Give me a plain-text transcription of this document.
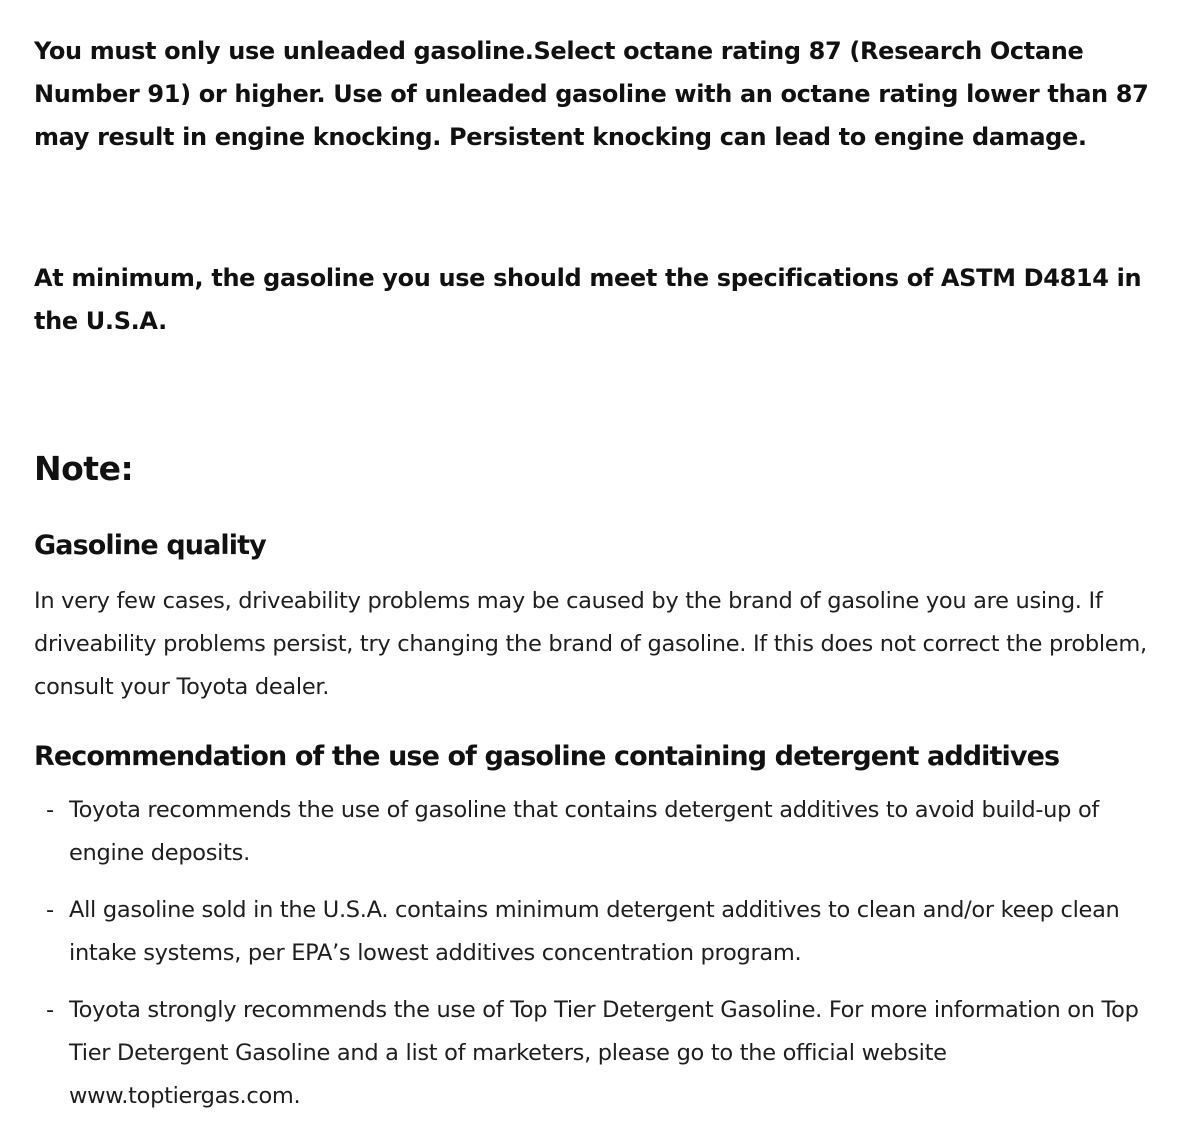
You must only use unleaded gasoline.Select octane rating 87 (Research Octane Number 91) or higher. Use of unleaded gasoline with an octane rating lower than 87 may result in engine knocking. Persistent knocking can lead to engine damage.

At minimum, the gasoline you use should meet the specifications of ASTM D4814 in the U.S.A.

Note:
Gasoline quality

In very few cases, driveability problems may be caused by the brand of gasoline you are using. If driveability problems persist, try changing the brand of gasoline. If this does not correct the problem, consult your Toyota dealer.

Recommendation of the use of gasoline containing detergent additives
- Toyota recommends the use of gasoline that contains detergent additives to avoid build-up of engine deposits.
- All gasoline sold in the U.S.A. contains minimum detergent additives to clean and/or keep clean intake systems, per EPA’s lowest additives concentration program.
- Toyota strongly recommends the use of Top Tier Detergent Gasoline. For more information on Top Tier Detergent Gasoline and a list of marketers, please go to the official website www.toptiergas.com.
